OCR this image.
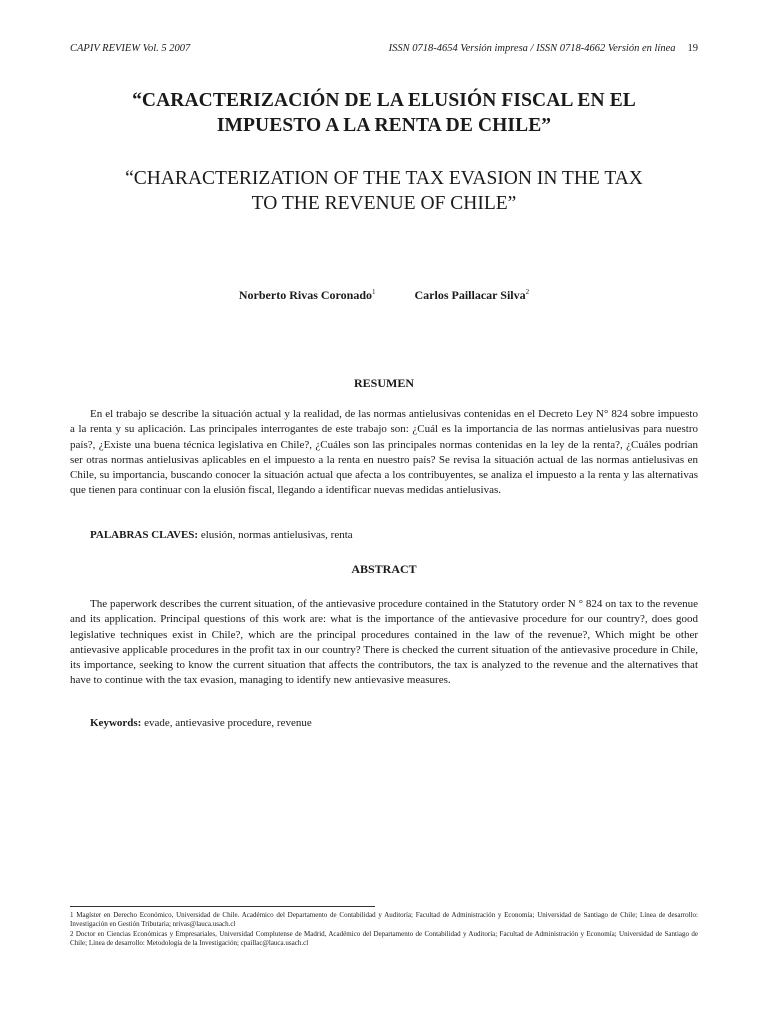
CAPIV REVIEW Vol. 5 2007	ISSN 0718-4654 Versión impresa / ISSN 0718-4662 Versión en línea 19
“CARACTERIZACIÓN DE LA ELUSIÓN FISCAL EN EL
IMPUESTO A LA RENTA DE CHILE”
“CHARACTERIZATION OF THE TAX EVASION IN THE TAX
TO THE REVENUE OF CHILE”
Norberto Rivas Coronado$^1$	Carlos Paillacar Silva$^2$
RESUMEN

En el trabajo se describe la situación actual y la realidad, de las normas antielusivas contenidas en el Decreto Ley N° 824 sobre impuesto a la renta y su aplicación. Las principales interrogantes de este trabajo son: ¿Cuál es la importancia de las normas antielusivas para nuestro país?, ¿Existe una buena técnica legislativa en Chile?, ¿Cuáles son las principales normas contenidas en la ley de la renta?, ¿Cuáles podrían ser otras normas antielusivas aplicables en el impuesto a la renta en nuestro país? Se revisa la situación actual de las normas antielusivas en Chile, su importancia, buscando conocer la situación actual que afecta a los contribuyentes, se analiza el impuesto a la renta y las alternativas que tienen para continuar con la elusión fiscal, llegando a identificar nuevas medidas antielusivas.

PALABRAS CLAVES: elusión, normas antielusivas, renta
ABSTRACT

The paperwork describes the current situation, of the antievasive procedure contained in the Statutory order N ° 824 on tax to the revenue and its application. Principal questions of this work are: what is the importance of the antievasive procedure for our country?, does good legislative techniques exist in Chile?, which are the principal procedures contained in the law of the revenue?, Which might be other antievasive applicable procedures in the profit tax in our country? There is checked the current situation of the antievasive procedure in Chile, its importance, seeking to know the current situation that affects the contributors, the tax is analyzed to the revenue and the alternatives that have to continue with the tax evasion, managing to identify new antievasive measures.

Keywords: evade, antievasive procedure, revenue

1 Magíster en Derecho Económico, Universidad de Chile. Académico del Departamento de Contabilidad y Auditoría; Facultad de Administración y Economía; Universidad de Santiago de Chile; Línea de desarrollo: Investigación en Gestión Tributaria; nrivas@lauca.usach.cl

2 Doctor en Ciencias Económicas y Empresariales, Universidad Complutense de Madrid, Académico del Departamento de Contabilidad y Auditoría; Facultad de Administración y Economía; Universidad de Santiago de Chile; Línea de desarrollo: Metodología de la Investigación; cpaillac@lauca.usach.cl
